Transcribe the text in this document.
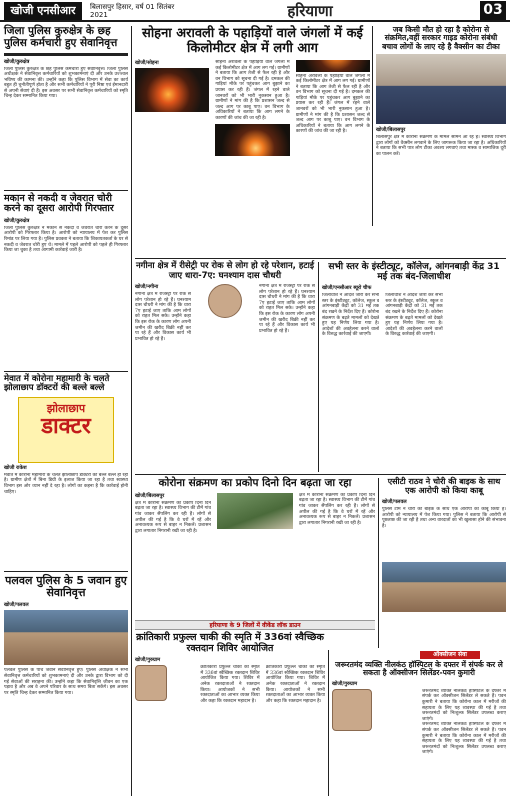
खोजी एनसीआर	बिलासपुर हिसार, वर्ष 01 सितंबर 2021	हरियाणा	03
जिला पुलिस कुरुक्षेत्र के छह पुलिस कर्मचारी हुए सेवानिवृत्त
खोजी/कुरुक्षेत्र
जिला पुलिस कुरुक्षेत्र के छह पुलिस कर्मचारी हुए सेवानिवृत्त। जिला पुलिस अधीक्षक ने सेवानिवृत्त कर्मचारियों को शुभकामनाएं दी और उनके उज्ज्वल भविष्य की कामना की। उन्होंने कहा कि पुलिस विभाग में सेवा का कार्य बहुत ही चुनौतीपूर्ण होता है और सभी कर्मचारियों ने पूरी निष्ठा एवं ईमानदारी से अपनी सेवाएं दी हैं। इस अवसर पर सभी सेवानिवृत्त कर्मचारियों को स्मृति चिन्ह देकर सम्मानित किया गया।
मकान से नकदी व जेवरात चोरी करने का दूसरा आरोपी गिरफ्तार
खोजी/कुरुक्षेत्र
जिला पुलिस कुरुक्षेत्र ने मकान से नकदी व जेवरात चोरी करने के दूसरे आरोपी को गिरफ्तार किया है। आरोपी को न्यायालय में पेश कर पुलिस रिमांड पर लिया गया है। पुलिस प्रवक्ता ने बताया कि शिकायतकर्ता के घर से नकदी व जेवरात चोरी हुए थे। मामले में पहले आरोपी को पहले ही गिरफ्तार किया जा चुका है तथा आगामी कार्रवाई जारी है।
मेवात में कोरोना महामारी के चलते झोलाछाप डॉक्टरों की बल्ले बल्ले
झोलाछाप
डाक्टर
खोजी राकेश
मेवात में कोरोना महामारी के चलते झोलाछाप डॉक्टरों की बल्ले बल्ले हो रही है। ग्रामीण क्षेत्रों में बिना डिग्री के इलाज किया जा रहा है तथा स्वास्थ्य विभाग इस ओर ध्यान नहीं दे रहा है। लोगों का कहना है कि कार्रवाई होनी चाहिए।
पलवल पुलिस के 5 जवान हुए सेवानिवृत्त
खोजी/पलवल
पलवल पुलिस के पांच जवान सेवानिवृत्त हुए। पुलिस अधीक्षक ने सभी सेवानिवृत्त कर्मचारियों को शुभकामनाएं दी और उनके द्वारा विभाग को दी गई सेवाओं की सराहना की। उन्होंने कहा कि सेवानिवृत्ति जीवन का एक पड़ाव है और अब वे अपने परिवार के साथ समय बिता सकेंगे। इस अवसर पर स्मृति चिन्ह देकर सम्मानित किया गया।
सोहना अरावली के पहाड़ियों वाले जंगलों में कई किलोमीटर क्षेत्र में लगी आग
खोजी/सोहना	सोहना अरावली के पहाड़ियों वाले जंगलों में कई किलोमीटर क्षेत्र में आग लग गई। ग्रामीणों ने बताया कि आग तेजी से फैल रही है और वन विभाग को सूचना दी गई है। दमकल की गाड़ियां मौके पर पहुंचकर आग बुझाने का प्रयास कर रही हैं। जंगल में रहने वाले जानवरों को भी भारी नुकसान हुआ है। ग्रामीणों ने मांग की है कि प्रशासन जल्द से जल्द आग पर काबू पाए। वन विभाग के अधिकारियों ने बताया कि आग लगने के कारणों की जांच की जा रही है।
सोहना अरावली के पहाड़ियों वाले जंगलों में कई किलोमीटर क्षेत्र में आग लग गई। ग्रामीणों ने बताया कि आग तेजी से फैल रही है और वन विभाग को सूचना दी गई है। दमकल की गाड़ियां मौके पर पहुंचकर आग बुझाने का प्रयास कर रही हैं। जंगल में रहने वाले जानवरों को भी भारी नुकसान हुआ है। ग्रामीणों ने मांग की है कि प्रशासन जल्द से जल्द आग पर काबू पाए। वन विभाग के अधिकारियों ने बताया कि आग लगने के कारणों की जांच की जा रही है।
जब किसी मौत हो रहा है कोरोना से संक्रमित,वहीं सरकार गाइड कोरोना संबंधी बचाव लोगों के लाए रहे है वैक्सीन का टीका
खोजी/बिलासपुर
बिलासपुर क्षेत्र में कोरोना संक्रमण के मामले सामने आ रहे हैं। स्वास्थ्य विभाग द्वारा लोगों को वैक्सीन लगवाने के लिए जागरूक किया जा रहा है। अधिकारियों ने बताया कि सभी पात्र लोग टीका अवश्य लगवाएं तथा मास्क व सामाजिक दूरी का पालन करें।
नगीना क्षेत्र में रीसेट्री पर रोक से लोग हो रहे परेशान, हटाई जाए धारा-7ए: घनश्याम दास चौधरी
खोजी/नगीना
नगीना क्षेत्र में रजिस्ट्री पर रोक से लोग परेशान हो रहे हैं। घनश्याम दास चौधरी ने मांग की है कि धारा 7ए हटाई जाए ताकि आम लोगों को राहत मिल सके। उन्होंने कहा कि इस रोक के कारण लोग अपनी जमीन की खरीद बिक्री नहीं कर पा रहे हैं और विकास कार्य भी प्रभावित हो रहे हैं।
नगीना क्षेत्र में रजिस्ट्री पर रोक से लोग परेशान हो रहे हैं। घनश्याम दास चौधरी ने मांग की है कि धारा 7ए हटाई जाए ताकि आम लोगों को राहत मिल सके। उन्होंने कहा कि इस रोक के कारण लोग अपनी जमीन की खरीद बिक्री नहीं कर पा रहे हैं और विकास कार्य भी प्रभावित हो रहे हैं।
सभी स्तर के इंस्टीट्यूट, कॉलेज, आंगनबाड़ी केंद्र 31 मई तक बंद-जिलाधीश
खोजी/एनसीआर ब्यूरो चीफ
जिलाधीश ने आदेश जारी कर सभी स्तर के इंस्टीट्यूट, कॉलेज, स्कूल व आंगनबाड़ी केंद्रों को 31 मई तक बंद रखने के निर्देश दिए हैं। कोरोना संक्रमण के बढ़ते मामलों को देखते हुए यह निर्णय लिया गया है। आदेशों की अवहेलना करने वालों के विरुद्ध कार्रवाई की जाएगी।
जिलाधीश ने आदेश जारी कर सभी स्तर के इंस्टीट्यूट, कॉलेज, स्कूल व आंगनबाड़ी केंद्रों को 31 मई तक बंद रखने के निर्देश दिए हैं। कोरोना संक्रमण के बढ़ते मामलों को देखते हुए यह निर्णय लिया गया है। आदेशों की अवहेलना करने वालों के विरुद्ध कार्रवाई की जाएगी।
कोरोना संक्रमण का प्रकोप दिनो दिन बढ़ता जा रहा
खोजी/बिलासपुर
क्षेत्र में कोरोना संक्रमण का प्रकोप दिनों दिन बढ़ता जा रहा है। स्वास्थ्य विभाग की टीमें गांव गांव जाकर सैंपलिंग कर रही हैं। लोगों से अपील की गई है कि वे घरों में रहें और अनावश्यक रूप से बाहर न निकलें। प्रशासन द्वारा लगातार निगरानी रखी जा रही है।
क्षेत्र में कोरोना संक्रमण का प्रकोप दिनों दिन बढ़ता जा रहा है। स्वास्थ्य विभाग की टीमें गांव गांव जाकर सैंपलिंग कर रही हैं। लोगों से अपील की गई है कि वे घरों में रहें और अनावश्यक रूप से बाहर न निकलें। प्रशासन द्वारा लगातार निगरानी रखी जा रही है।
एसीटी राठव ने चोरी की बाइक के साथ एक आरोपी को किया काबू
खोजी/पलवल
पुलिस टीम ने चोरी की बाइक के साथ एक आरोपी को काबू किया है। आरोपी को न्यायालय में पेश किया गया। पुलिस ने बताया कि आरोपी से पूछताछ की जा रही है तथा अन्य वारदातों का भी खुलासा होने की संभावना है।
हरियाणा के 9 जिलों में वीकेंड लॉक डाउन
क्रांतिकारी प्रफुल्ल चाकी की स्मृति में 336वां स्वैच्छिक रक्तदान शिविर आयोजित
खोजी/गुरुग्राम
क्रांतिकारी प्रफुल्ल चाकी की स्मृति में 336वां स्वैच्छिक रक्तदान शिविर आयोजित किया गया। शिविर में अनेक रक्तदाताओं ने रक्तदान किया। आयोजकों ने सभी रक्तदाताओं का आभार व्यक्त किया और कहा कि रक्तदान महादान है।
क्रांतिकारी प्रफुल्ल चाकी की स्मृति में 336वां स्वैच्छिक रक्तदान शिविर आयोजित किया गया। शिविर में अनेक रक्तदाताओं ने रक्तदान किया। आयोजकों ने सभी रक्तदाताओं का आभार व्यक्त किया और कहा कि रक्तदान महादान है।
ऑक्सीजन सेवा
जरूरतमंद व्यक्ति नीलकंठ हॉस्पिटल के दफ्तर में संपर्क कर ले सकता है ऑक्सीजन सिलेंडर-पवन कुमारी
खोजी/गुरुग्राम
जरूरतमंद व्यक्ति नीलकंठ हॉस्पिटल के दफ्तर में संपर्क कर ऑक्सीजन सिलेंडर ले सकते हैं। पवन कुमारी ने बताया कि कोरोना काल में मरीजों की सहायता के लिए यह व्यवस्था की गई है तथा जरूरतमंदों को निःशुल्क सिलेंडर उपलब्ध कराए जाएंगे।
जरूरतमंद व्यक्ति नीलकंठ हॉस्पिटल के दफ्तर में संपर्क कर ऑक्सीजन सिलेंडर ले सकते हैं। पवन कुमारी ने बताया कि कोरोना काल में मरीजों की सहायता के लिए यह व्यवस्था की गई है तथा जरूरतमंदों को निःशुल्क सिलेंडर उपलब्ध कराए जाएंगे।
